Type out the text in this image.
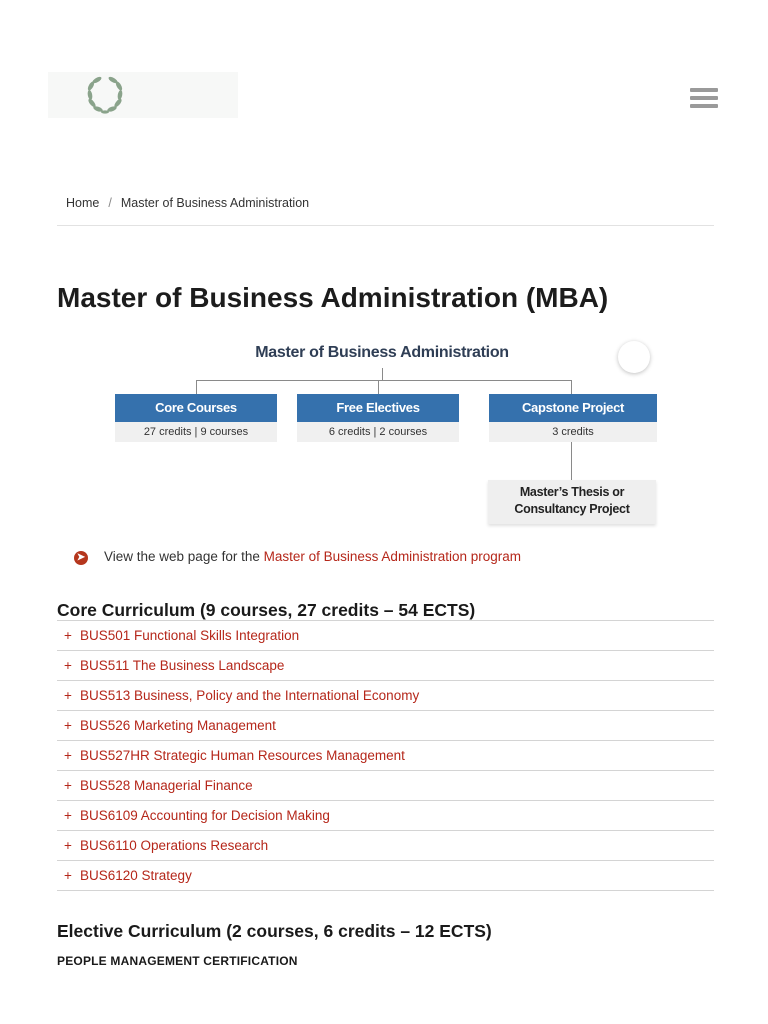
Home / Master of Business Administration
Master of Business Administration (MBA)
Master of Business Administration
Core Courses
27 credits | 9 courses
Free Electives
6 credits | 2 courses
Capstone Project
3 credits
Master’s Thesis or
Consultancy Project
➤ View the web page for the Master of Business Administration program
Core Curriculum (9 courses, 27 credits – 54 ECTS)
+ BUS501 Functional Skills Integration
+ BUS511 The Business Landscape
+ BUS513 Business, Policy and the International Economy
+ BUS526 Marketing Management
+ BUS527HR Strategic Human Resources Management
+ BUS528 Managerial Finance
+ BUS6109 Accounting for Decision Making
+ BUS6110 Operations Research
+ BUS6120 Strategy
Elective Curriculum (2 courses, 6 credits – 12 ECTS)
PEOPLE MANAGEMENT CERTIFICATION
